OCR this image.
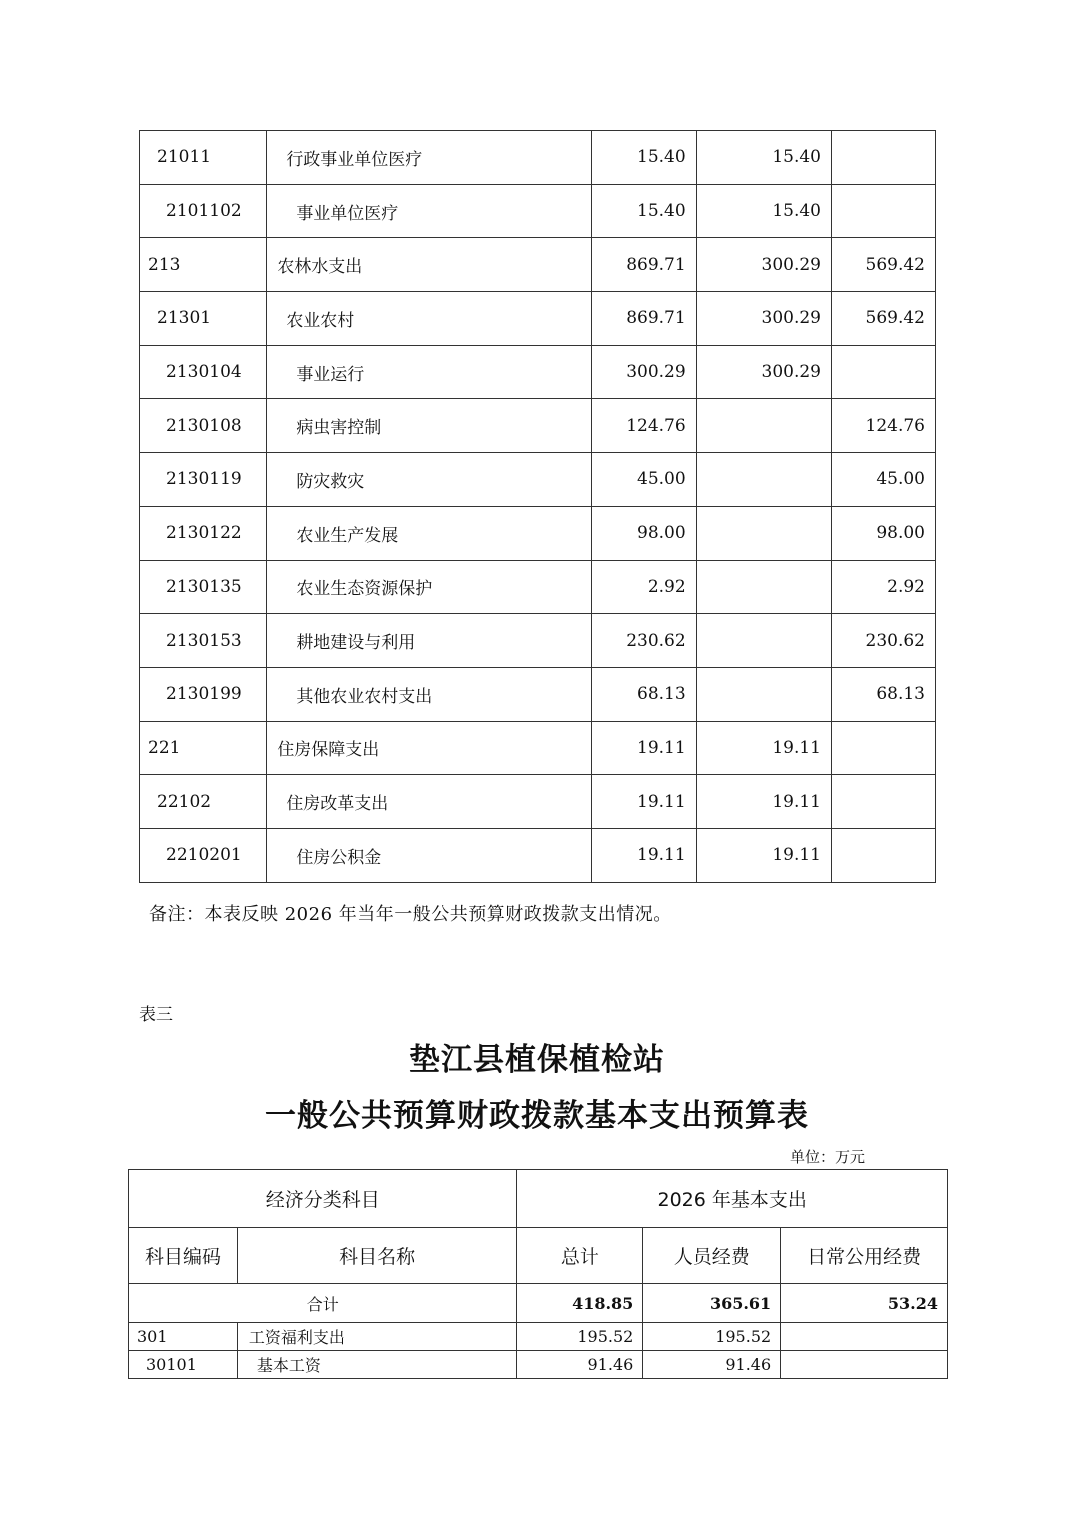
21011	行政事业单位医疗	15.40	15.40	
2101102	事业单位医疗	15.40	15.40	
213	农林水支出	869.71	300.29	569.42
21301	农业农村	869.71	300.29	569.42
2130104	事业运行	300.29	300.29	
2130108	病虫害控制	124.76		124.76
2130119	防灾救灾	45.00		45.00
2130122	农业生产发展	98.00		98.00
2130135	农业生态资源保护	2.92		2.92
2130153	耕地建设与利用	230.62		230.62
2130199	其他农业农村支出	68.13		68.13
221	住房保障支出	19.11	19.11	
22102	住房改革支出	19.11	19.11	
2210201	住房公积金	19.11	19.11	
备注：本表反映 2026 年当年一般公共预算财政拨款支出情况。
表三
垫江县植保植检站
一般公共预算财政拨款基本支出预算表
单位：万元
经济分类科目		2026 年基本支出		
科目编码	科目名称	总计	人员经费	日常公用经费
合计		418.85	365.61	53.24
301	工资福利支出	195.52	195.52	
30101	基本工资	91.46	91.46	
